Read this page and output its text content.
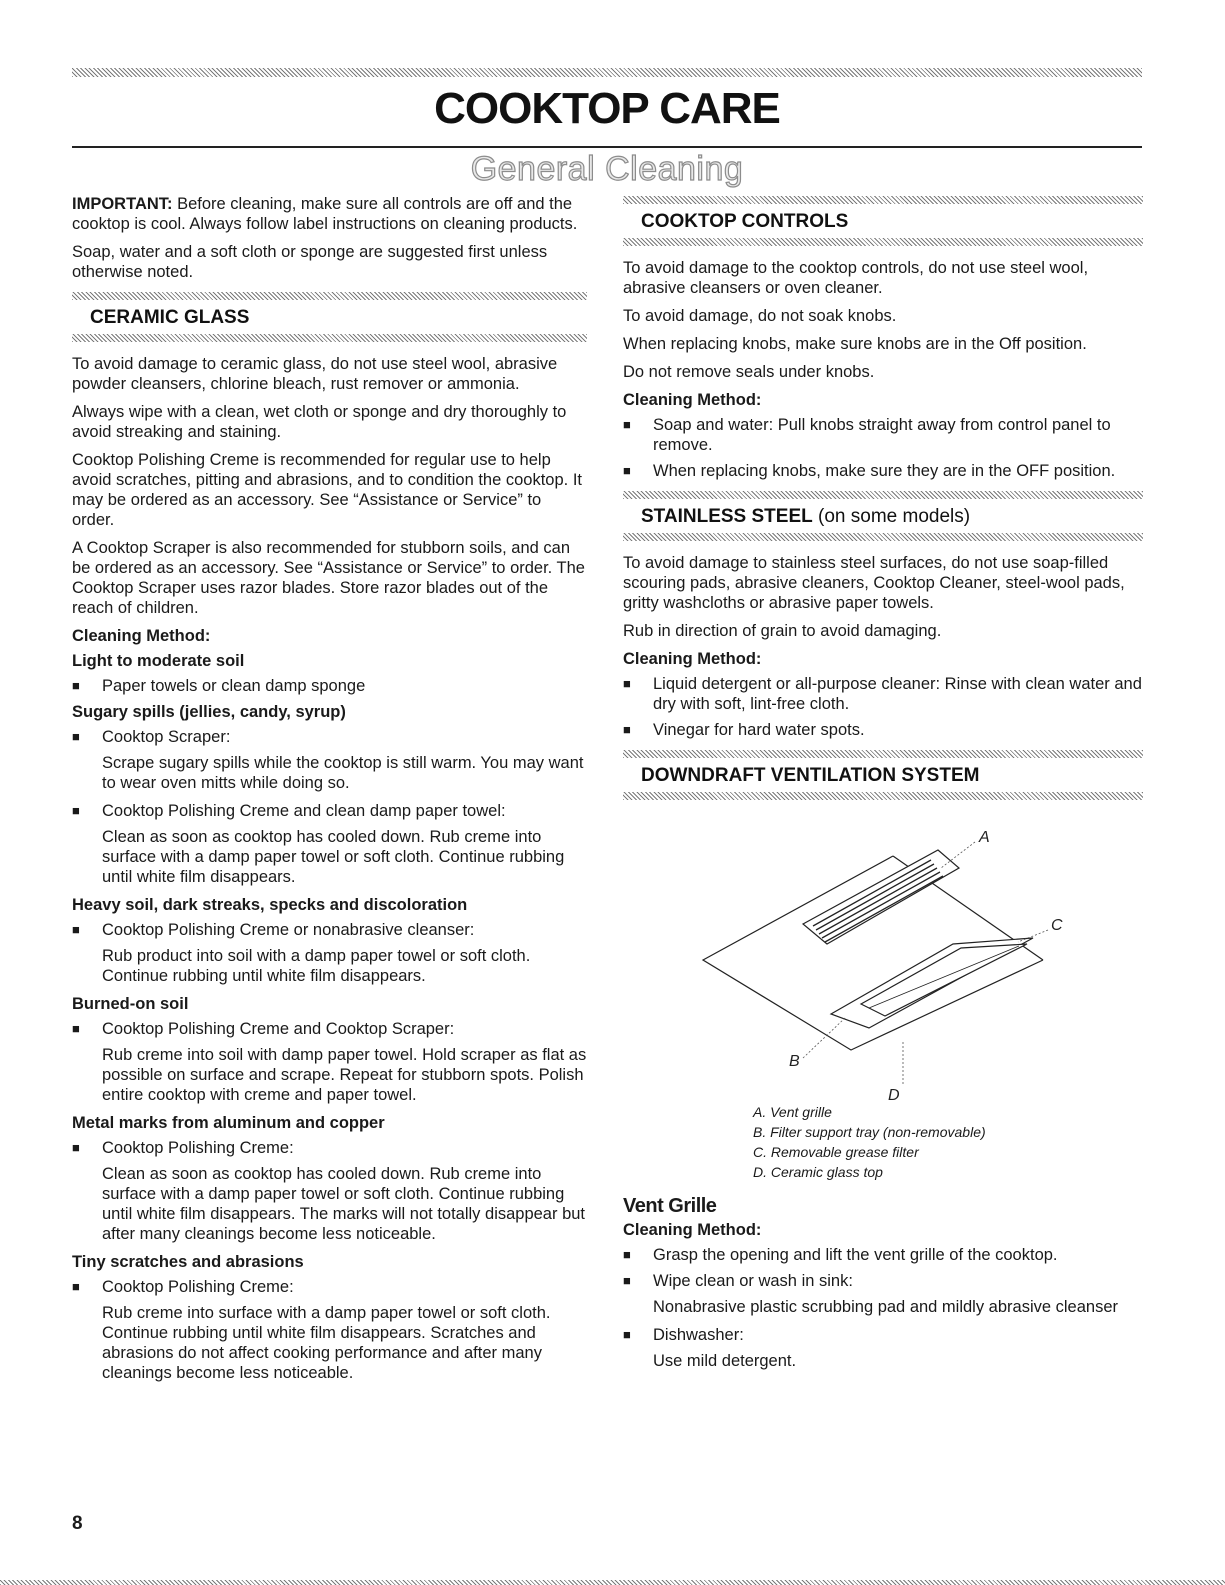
COOKTOP CARE
General Cleaning

IMPORTANT: Before cleaning, make sure all controls are off and the cooktop is cool. Always follow label instructions on cleaning products.

Soap, water and a soft cloth or sponge are suggested first unless otherwise noted.

CERAMIC GLASS

To avoid damage to ceramic glass, do not use steel wool, abrasive powder cleansers, chlorine bleach, rust remover or ammonia.

Always wipe with a clean, wet cloth or sponge and dry thoroughly to avoid streaking and staining.

Cooktop Polishing Creme is recommended for regular use to help avoid scratches, pitting and abrasions, and to condition the cooktop. It may be ordered as an accessory. See “Assistance or Service” to order.

A Cooktop Scraper is also recommended for stubborn soils, and can be ordered as an accessory. See “Assistance or Service” to order. The Cooktop Scraper uses razor blades. Store razor blades out of the reach of children.

Cleaning Method:
Light to moderate soil
■	Paper towels or clean damp sponge
Sugary spills (jellies, candy, syrup)
■	Cooktop Scraper:

Scrape sugary spills while the cooktop is still warm. You may want to wear oven mitts while doing so.

■	Cooktop Polishing Creme and clean damp paper towel:

Clean as soon as cooktop has cooled down. Rub creme into surface with a damp paper towel or soft cloth. Continue rubbing until white film disappears.

Heavy soil, dark streaks, specks and discoloration
■	Cooktop Polishing Creme or nonabrasive cleanser:

Rub product into soil with a damp paper towel or soft cloth. Continue rubbing until white film disappears.

Burned-on soil
■	Cooktop Polishing Creme and Cooktop Scraper:

Rub creme into soil with damp paper towel. Hold scraper as flat as possible on surface and scrape. Repeat for stubborn spots. Polish entire cooktop with creme and paper towel.

Metal marks from aluminum and copper
■	Cooktop Polishing Creme:

Clean as soon as cooktop has cooled down. Rub creme into surface with a damp paper towel or soft cloth. Continue rubbing until white film disappears. The marks will not totally disappear but after many cleanings become less noticeable.

Tiny scratches and abrasions
■	Cooktop Polishing Creme:

Rub creme into surface with a damp paper towel or soft cloth. Continue rubbing until white film disappears. Scratches and abrasions do not affect cooking performance and after many cleanings become less noticeable.

COOKTOP CONTROLS

To avoid damage to the cooktop controls, do not use steel wool, abrasive cleansers or oven cleaner.

To avoid damage, do not soak knobs.

When replacing knobs, make sure knobs are in the Off position.

Do not remove seals under knobs.

Cleaning Method:
■	Soap and water: Pull knobs straight away from control panel to remove.
■	When replacing knobs, make sure they are in the OFF position.
STAINLESS STEEL (on some models)

To avoid damage to stainless steel surfaces, do not use soap-filled scouring pads, abrasive cleaners, Cooktop Cleaner, steel-wool pads, gritty washcloths or abrasive paper towels.

Rub in direction of grain to avoid damaging.

Cleaning Method:
■	Liquid detergent or all-purpose cleaner: Rinse with clean water and dry with soft, lint-free cloth.
■	Vinegar for hard water spots.
DOWNDRAFT VENTILATION SYSTEM
A
C
B
D
A. Vent grille
B. Filter support tray (non-removable)
C. Removable grease filter
D. Ceramic glass top
Vent Grille
Cleaning Method:
■	Grasp the opening and lift the vent grille of the cooktop.
■	Wipe clean or wash in sink:

Nonabrasive plastic scrubbing pad and mildly abrasive cleanser

■	Dishwasher:

Use mild detergent.

8
